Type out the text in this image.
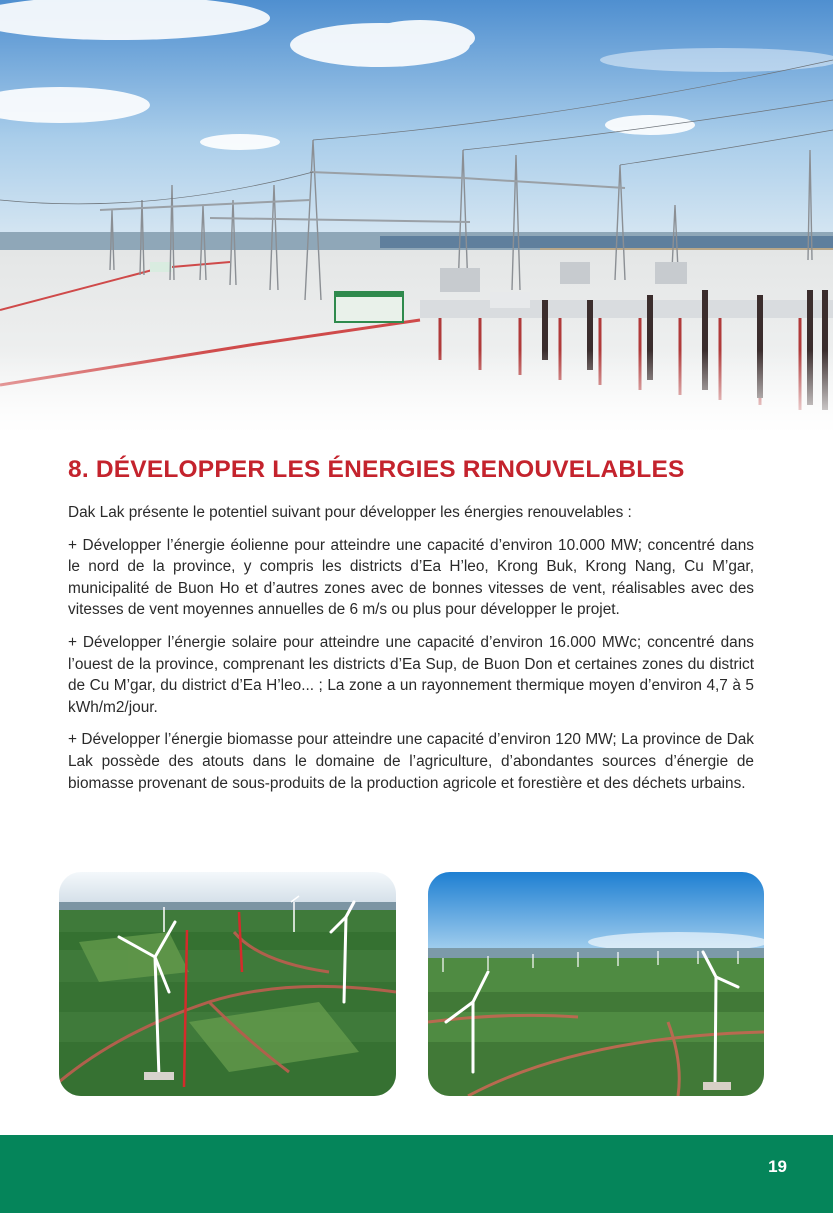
8. DÉVELOPPER LES ÉNERGIES RENOUVELABLES

Dak Lak présente le potentiel suivant pour développer les énergies renouvelables :

+ Développer l’énergie éolienne pour atteindre une capacité d’environ 10.000 MW; concentré dans le nord de la province, y compris les districts d’Ea H’leo, Krong Buk, Krong Nang, Cu M’gar, municipalité de Buon Ho et d’autres zones avec de bonnes vitesses de vent, réalisables avec des vitesses de vent moyennes annuelles de 6 m/s ou plus pour développer le projet.

+ Développer l’énergie solaire pour atteindre une capacité d’environ 16.000 MWc; concentré dans l’ouest de la province, comprenant les districts d’Ea Sup, de Buon Don et certaines zones du district de Cu M’gar, du district d’Ea H’leo... ; La zone a un rayonnement thermique moyen d’environ 4,7 à 5 kWh/m2/jour.

+ Développer l’énergie biomasse pour atteindre une capacité d’environ 120 MW; La province de Dak Lak possède des atouts dans le domaine de l’agriculture, d’abondantes sources d’énergie de biomasse provenant de sous-produits de la production agricole et forestière et des déchets urbains.

19
